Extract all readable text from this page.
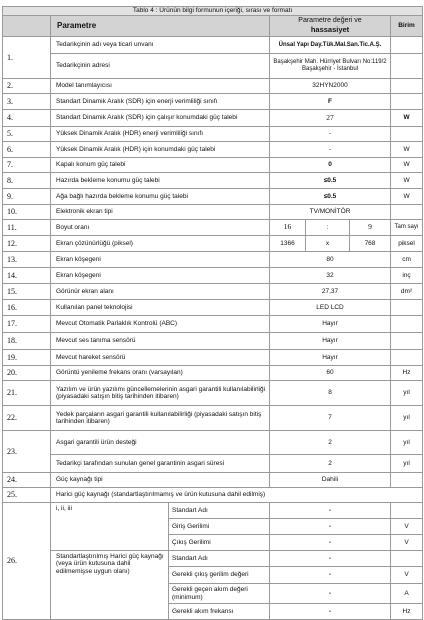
Tablo 4 : Ürünün bilgi formunun içeriği, sırası ve formatı						
	Parametre		Parametre değeri ve
hassasiyet			Birim
1.	Tedarikçinin adı veya ticari unvanı		Ünsal Yapı Day.Tük.Mal.San.Tic.A.Ş.			
	Tedarikçinin adresi		Başakşehir Mah. Hürriyet Bulvarı No:119/2 Başakşehir - İstanbul			
2.	Model tanımlayıcısı		32HYN2000			
3.	Standart Dinamik Aralık (SDR) için enerji verimliliği sınıfı		F			
4.	Standart Dinamik Aralık (SDR) için çalışır konumdaki güç talebi		27			W
5.	Yüksek Dinamik Aralık (HDR) enerji verimliliği sınıfı		-			
6.	Yüksek Dinamik Aralık (HDR) için konumdaki güç talebi		-			W
7.	Kapalı konum güç talebi		0			W
8.	Hazırda bekleme konumu güç talebi		≤0.5			W
9.	Ağa bağlı hazırda bekleme konumu güç talebi		≤0.5			W
10.	Elektronik ekran tipi		TV/MONİTÖR			
11.	Boyut oranı		16	:	9	Tam sayı
12.	Ekran çözünürlüğü (piksel)		1366	x	768	piksel
13.	Ekran köşegeni		80			cm
14.	Ekran köşegeni		32			inç
15.	Görünür ekran alanı		27,37			dm²
16.	Kullanılan panel teknolojisi		LED LCD			
17.	Mevcut Otomatik Parlaklık Kontrolü (ABC)		Hayır			
18.	Mevcut ses tanıma sensörü		Hayır			
19.	Mevcut hareket sensörü		Hayır			
20.	Görüntü yenileme frekans oranı (varsayılan)		60			Hz
21.	Yazılım ve ürün yazılımı güncellemelerinin asgari garantili kullanılabilirliği (piyasadaki satışın bitiş tarihinden itibaren)		8			yıl
22.	Yedek parçaların asgari garantili kullanılabilirliği (piyasadaki satışın bitiş tarihinden itibaren)		7			yıl
23.	Asgari garantili ürün desteği		2			yıl
	Tedarikçi tarafından sunulan genel garantinin asgari süresi		2			yıl
24.	Güç kaynağı tipi		Dahili			
25.	Harici güç kaynağı (standartlaştırılmamış ve ürün kutusuna dahil edilmiş)					
26.	i, ii, iii	Standart Adı	-			
		Giriş Gerilimi	-			V
		Çıkış Gerilimi	-			V
	Standartlaştırılmış Harici güç kaynağı (veya ürün kutusuna dahil edilmemişse uygun olanı)	Standart Adı	-			
		Gerekli çıkış gerilim değeri	-			V
		Gerekli geçen akım değeri (minimum)	-			A
		Gerekli akım frekansı	-			Hz
